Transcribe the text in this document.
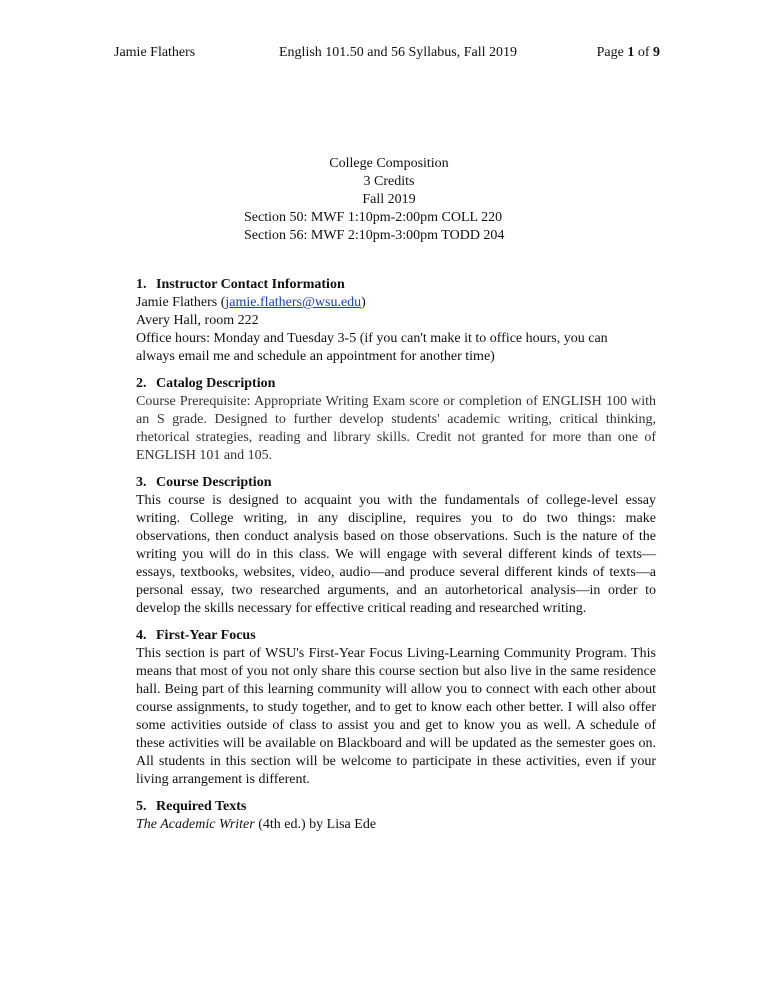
Jamie Flathers	English 101.50 and 56 Syllabus, Fall 2019	Page 1 of 9
College Composition
3 Credits
Fall 2019
Section 50: MWF 1:10pm-2:00pm COLL 220
Section 56: MWF 2:10pm-3:00pm TODD 204
1. Instructor Contact Information
Jamie Flathers (jamie.flathers@wsu.edu)
Avery Hall, room 222
Office hours: Monday and Tuesday 3-5 (if you can't make it to office hours, you can
always email me and schedule an appointment for another time)
2. Catalog Description
Course Prerequisite: Appropriate Writing Exam score or completion of ENGLISH 100 with an S grade. Designed to further develop students' academic writing, critical thinking, rhetorical strategies, reading and library skills. Credit not granted for more than one of ENGLISH 101 and 105.
3. Course Description
This course is designed to acquaint you with the fundamentals of college-level essay writing. College writing, in any discipline, requires you to do two things: make observations, then conduct analysis based on those observations. Such is the nature of the writing you will do in this class. We will engage with several different kinds of texts—essays, textbooks, websites, video, audio—and produce several different kinds of texts—a personal essay, two researched arguments, and an autorhetorical analysis—in order to develop the skills necessary for effective critical reading and researched writing.
4. First-Year Focus
This section is part of WSU's First-Year Focus Living-Learning Community Program. This means that most of you not only share this course section but also live in the same residence hall. Being part of this learning community will allow you to connect with each other about course assignments, to study together, and to get to know each other better. I will also offer some activities outside of class to assist you and get to know you as well. A schedule of these activities will be available on Blackboard and will be updated as the semester goes on. All students in this section will be welcome to participate in these activities, even if your living arrangement is different.
5. Required Texts
The Academic Writer (4th ed.) by Lisa Ede
